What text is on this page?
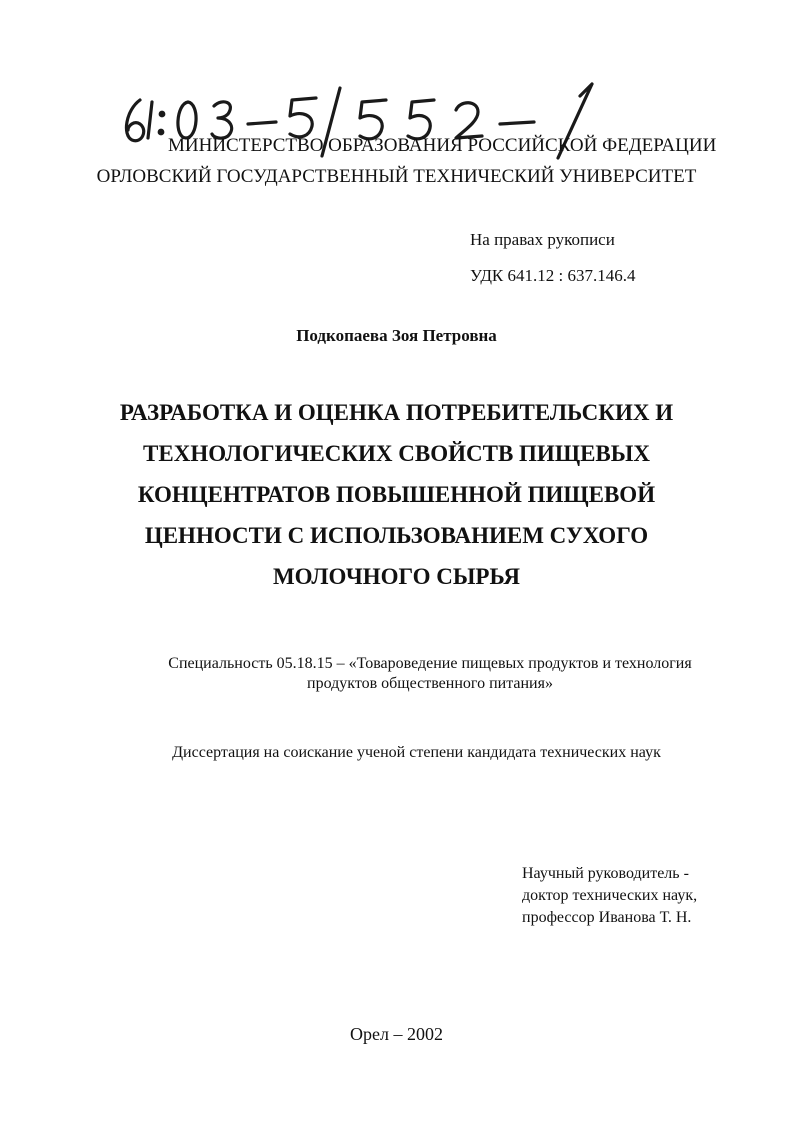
МИНИСТЕРСТВО ОБРАЗОВАНИЯ РОССИЙСКОЙ ФЕДЕРАЦИИ
ОРЛОВСКИЙ ГОСУДАРСТВЕННЫЙ ТЕХНИЧЕСКИЙ УНИВЕРСИТЕТ
На правах рукописи
УДК 641.12 : 637.146.4
Подкопаева Зоя Петровна
РАЗРАБОТКА И ОЦЕНКА ПОТРЕБИТЕЛЬСКИХ И
ТЕХНОЛОГИЧЕСКИХ СВОЙСТВ ПИЩЕВЫХ
КОНЦЕНТРАТОВ ПОВЫШЕННОЙ ПИЩЕВОЙ
ЦЕННОСТИ С ИСПОЛЬЗОВАНИЕМ СУХОГО
МОЛОЧНОГО СЫРЬЯ
Специальность 05.18.15 – «Товароведение пищевых продуктов и технология
продуктов общественного питания»
Диссертация на соискание ученой степени кандидата технических наук
Научный руководитель -
доктор технических наук,
профессор Иванова Т. Н.
Орел – 2002
